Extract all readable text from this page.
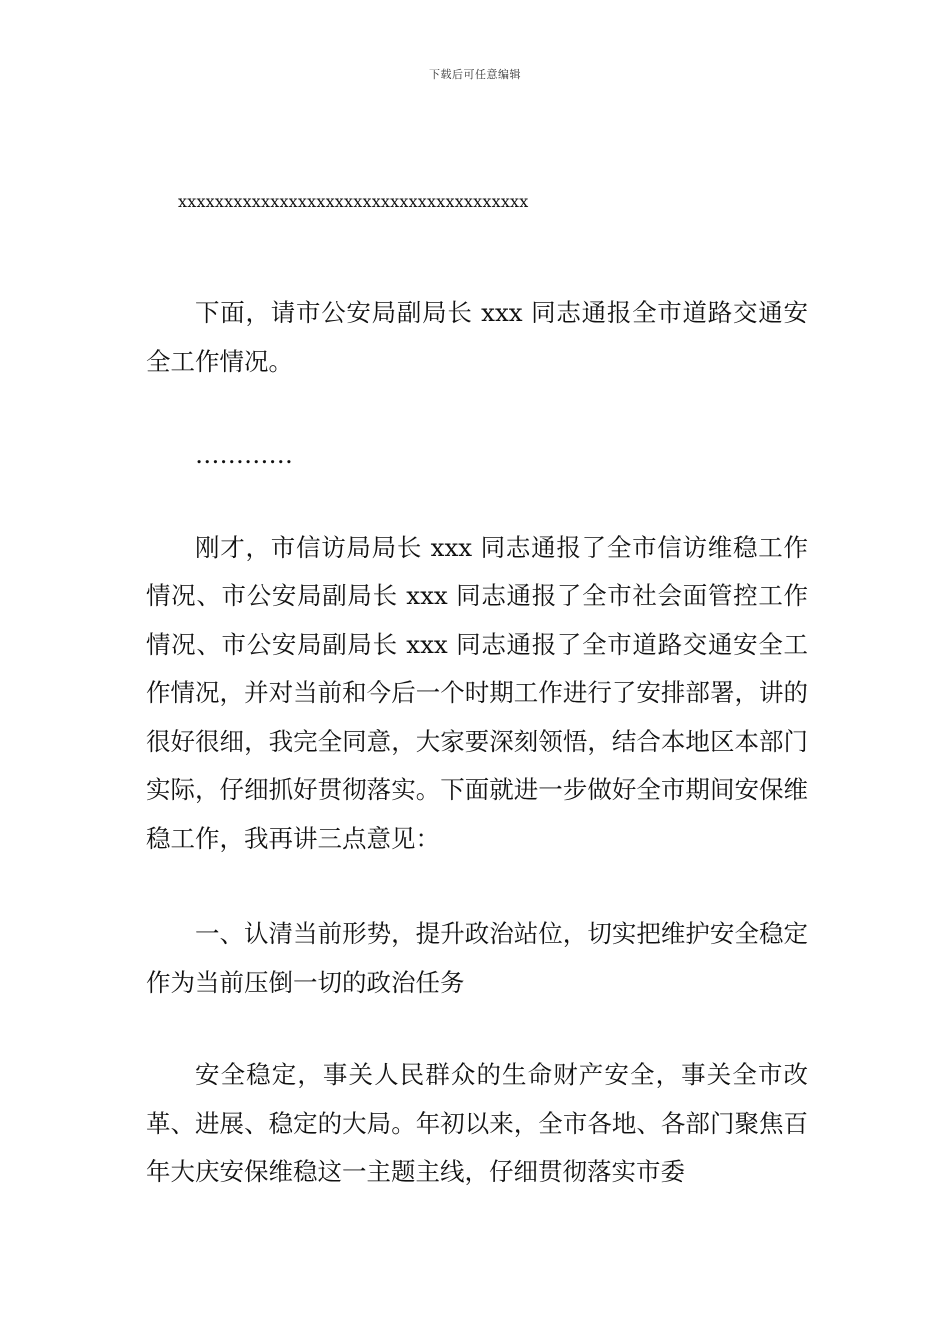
下载后可任意编辑

xxxxxxxxxxxxxxxxxxxxxxxxxxxxxxxxxxxxxx

下面，请市公安局副局长 xxx 同志通报全市道路交通安全工作情况。

…………

刚才，市信访局局长 xxx 同志通报了全市信访维稳工作情况、市公安局副局长 xxx 同志通报了全市社会面管控工作情况、市公安局副局长 xxx 同志通报了全市道路交通安全工作情况，并对当前和今后一个时期工作进行了安排部署，讲的很好很细，我完全同意，大家要深刻领悟，结合本地区本部门实际，仔细抓好贯彻落实。下面就进一步做好全市期间安保维稳工作，我再讲三点意见：

一、认清当前形势，提升政治站位，切实把维护安全稳定作为当前压倒一切的政治任务

安全稳定，事关人民群众的生命财产安全，事关全市改革、进展、稳定的大局。年初以来，全市各地、各部门聚焦百年大庆安保维稳这一主题主线，仔细贯彻落实市委
